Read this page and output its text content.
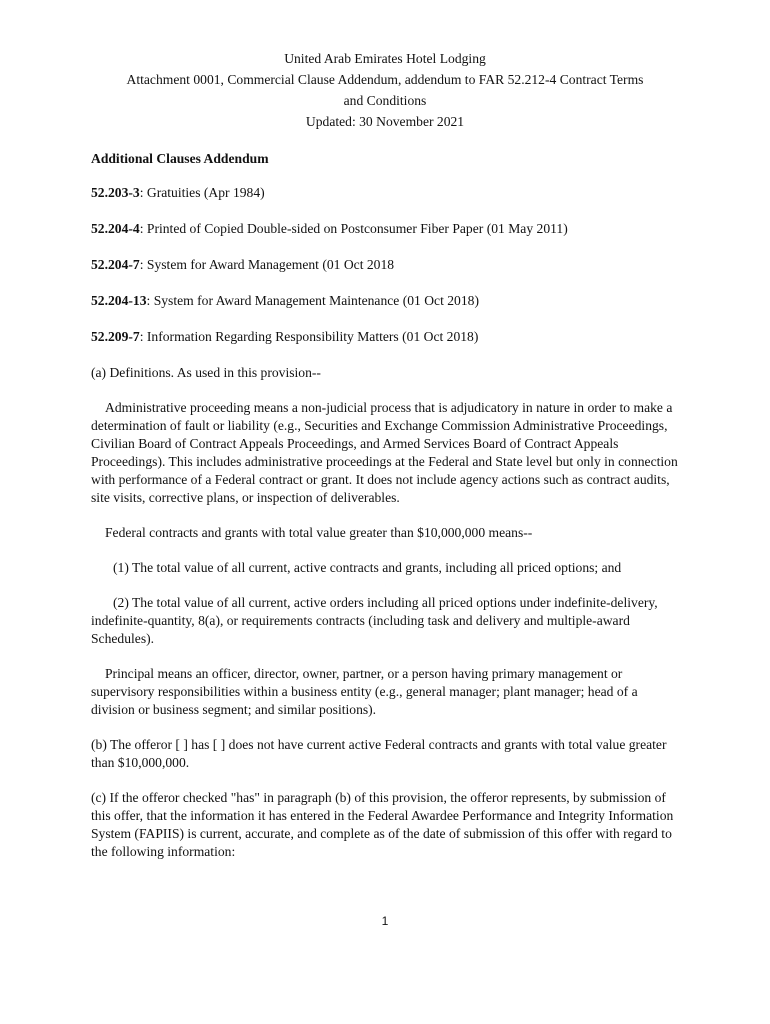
United Arab Emirates Hotel Lodging
Attachment 0001, Commercial Clause Addendum, addendum to FAR 52.212-4 Contract Terms
and Conditions
Updated: 30 November 2021
Additional Clauses Addendum
52.203-3: Gratuities (Apr 1984)
52.204-4: Printed of Copied Double-sided on Postconsumer Fiber Paper (01 May 2011)
52.204-7: System for Award Management (01 Oct 2018
52.204-13: System for Award Management Maintenance (01 Oct 2018)
52.209-7: Information Regarding Responsibility Matters (01 Oct 2018)
(a) Definitions. As used in this provision--
Administrative proceeding means a non-judicial process that is adjudicatory in nature in order to make a determination of fault or liability (e.g., Securities and Exchange Commission Administrative Proceedings, Civilian Board of Contract Appeals Proceedings, and Armed Services Board of Contract Appeals Proceedings). This includes administrative proceedings at the Federal and State level but only in connection with performance of a Federal contract or grant. It does not include agency actions such as contract audits, site visits, corrective plans, or inspection of deliverables.
Federal contracts and grants with total value greater than $10,000,000 means--
(1) The total value of all current, active contracts and grants, including all priced options; and
(2) The total value of all current, active orders including all priced options under indefinite-delivery, indefinite-quantity, 8(a), or requirements contracts (including task and delivery and multiple-award Schedules).
Principal means an officer, director, owner, partner, or a person having primary management or supervisory responsibilities within a business entity (e.g., general manager; plant manager; head of a division or business segment; and similar positions).
(b) The offeror [ ] has [ ] does not have current active Federal contracts and grants with total value greater than $10,000,000.
(c) If the offeror checked "has" in paragraph (b) of this provision, the offeror represents, by submission of this offer, that the information it has entered in the Federal Awardee Performance and Integrity Information System (FAPIIS) is current, accurate, and complete as of the date of submission of this offer with regard to the following information:
1
